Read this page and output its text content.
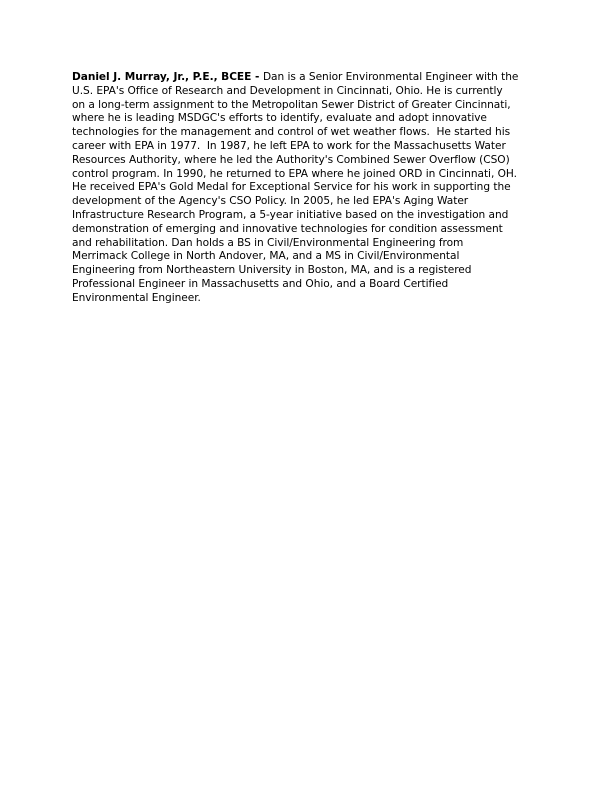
Daniel J. Murray, Jr., P.E., BCEE - Dan is a Senior Environmental Engineer with the
U.S. EPA's Office of Research and Development in Cincinnati, Ohio. He is currently
on a long-term assignment to the Metropolitan Sewer District of Greater Cincinnati,
where he is leading MSDGC's efforts to identify, evaluate and adopt innovative
technologies for the management and control of wet weather flows.  He started his
career with EPA in 1977.  In 1987, he left EPA to work for the Massachusetts Water
Resources Authority, where he led the Authority's Combined Sewer Overflow (CSO)
control program. In 1990, he returned to EPA where he joined ORD in Cincinnati, OH.
He received EPA's Gold Medal for Exceptional Service for his work in supporting the
development of the Agency's CSO Policy. In 2005, he led EPA's Aging Water
Infrastructure Research Program, a 5-year initiative based on the investigation and
demonstration of emerging and innovative technologies for condition assessment
and rehabilitation. Dan holds a BS in Civil/Environmental Engineering from
Merrimack College in North Andover, MA, and a MS in Civil/Environmental
Engineering from Northeastern University in Boston, MA, and is a registered
Professional Engineer in Massachusetts and Ohio, and a Board Certified
Environmental Engineer.
